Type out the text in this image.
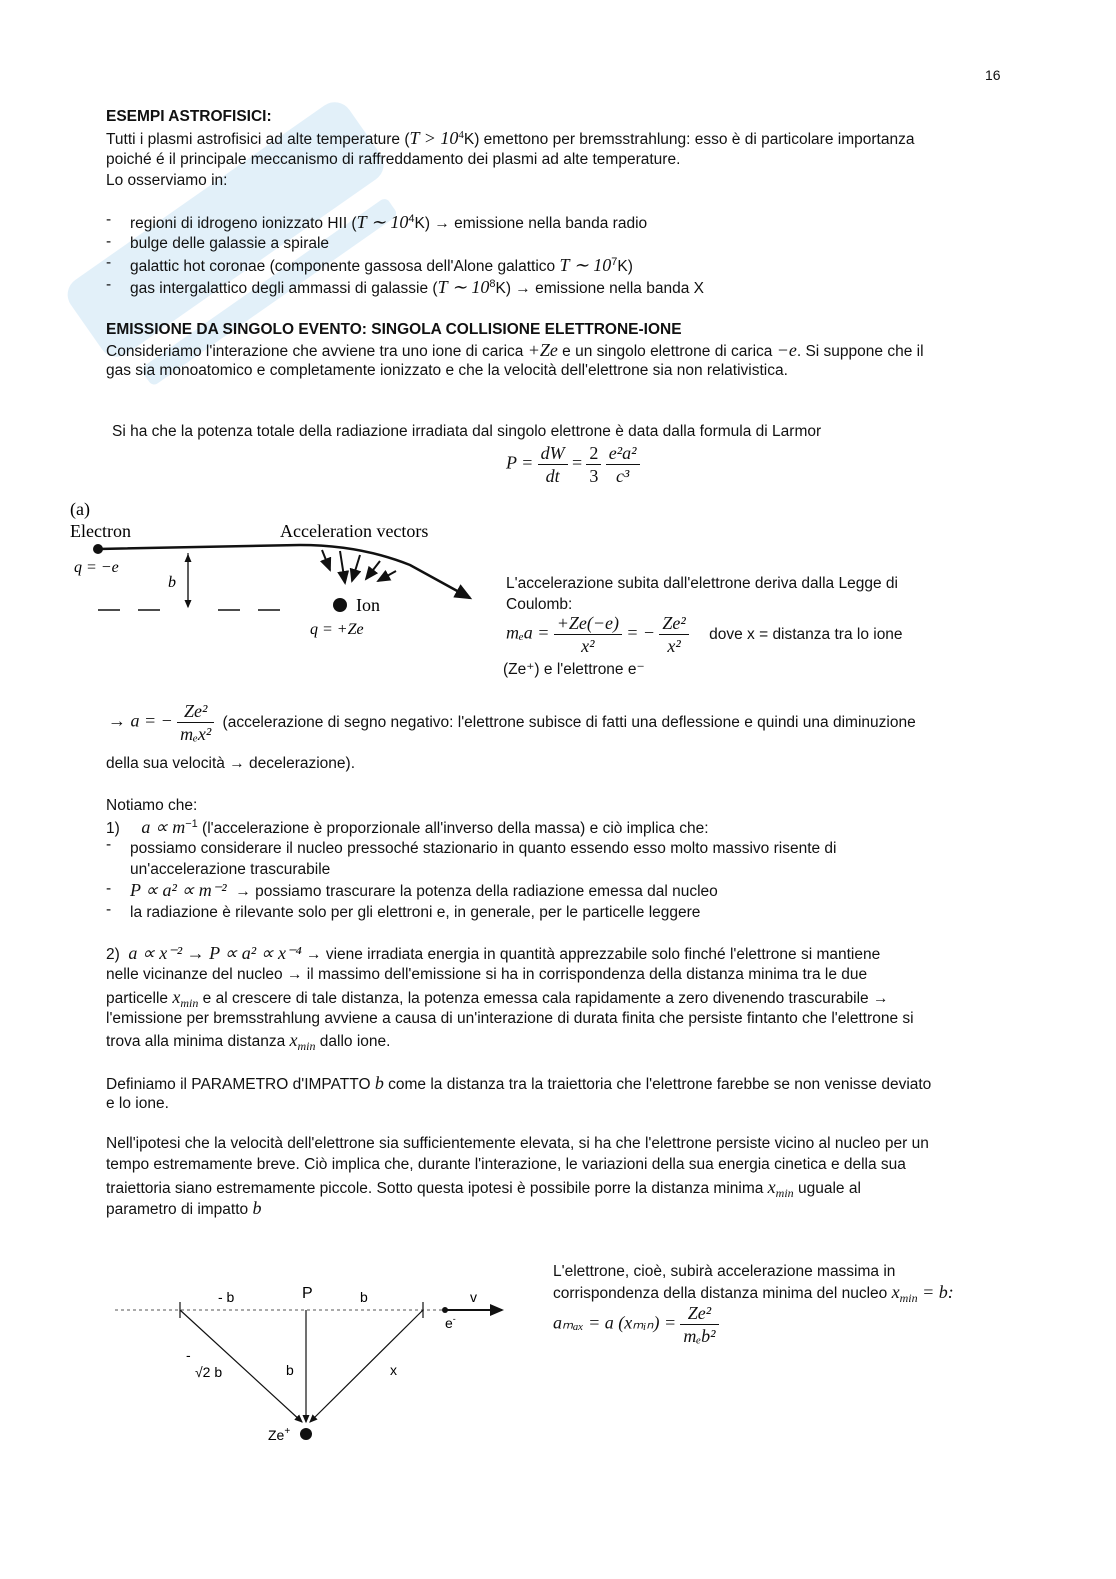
16
ESEMPI ASTROFISICI:
Tutti i plasmi astrofisici ad alte temperature $(T > 10^4K)$ emettono per bremsstrahlung: esso è di particolare importanza
poiché é il principale meccanismo di raffreddamento dei plasmi ad alte temperature.
Lo osserviamo in:
- regioni di idrogeno ionizzato HII (T ∼ $10^4K$) → emissione nella banda radio
- bulge delle galassie a spirale
- galattic hot coronae (componente gassosa dell'Alone galattico T ∼ $10^7K$)
- gas intergalattico degli ammassi di galassie (T ∼ $10^8K$) → emissione nella banda X
EMISSIONE DA SINGOLO EVENTO: SINGOLA COLLISIONE ELETTRONE-IONE
Consideriamo l'interazione che avviene tra uno ione di carica +Ze e un singolo elettrone di carica −e. Si suppone che il
gas sia monoatomico e completamente ionizzato e che la velocità dell'elettrone sia non relativistica.
Si ha che la potenza totale della radiazione irradiata dal singolo elettrone è data dalla formula di Larmor
$P = \frac{dW}{dt} = \frac{2}{3}$
$\frac{\text{e²a²}}{\text{c³}}$
(a)
Electron
q = −e
Acceleration vectors
b
Ion
q = +Ze
L'accelerazione subita dall'elettrone deriva dalla Legge di
Coulomb:
$m_ea = \frac{+Ze(-e)}{\text{x²}}$ = − $\frac{\text{Ze²}}{\text{x²}}$ dove x = distanza tra lo ione
(Ze⁺) e l'elettrone e⁻
→ a = − $\frac{\text{Ze²}}{\text{mₑx²}}$ (accelerazione di segno negativo: l'elettrone subisce di fatti una deflessione e quindi una diminuzione
della sua velocità → decelerazione).
Notiamo che:
1) $a \propto m^{-1}$ (l'accelerazione è proporzionale all'inverso della massa) e ciò implica che:
- possiamo considerare il nucleo pressoché stazionario in quanto essendo esso molto massivo risente di
un'accelerazione trascurabile
- P ∝ a² ∝ m⁻² → possiamo trascurare la potenza della radiazione emessa dal nucleo
- la radiazione è rilevante solo per gli elettroni e, in generale, per le particelle leggere
2) a ∝ x⁻² → P ∝ a² ∝ x⁻⁴ → viene irradiata energia in quantità apprezzabile solo finché l'elettrone si mantiene
nelle vicinanze del nucleo → il massimo dell'emissione si ha in corrispondenza della distanza minima tra le due
particelle $x_{min}$ e al crescere di tale distanza, la potenza emessa cala rapidamente a zero divenendo trascurabile →
l'emissione per bremsstrahlung avviene a causa di un'interazione di durata finita che persiste fintanto che l'elettrone si
trova alla minima distanza $x_{min}$ dallo ione.
Definiamo il PARAMETRO d'IMPATTO b come la distanza tra la traiettoria che l'elettrone farebbe se non venisse deviato
e lo ione.
Nell'ipotesi che la velocità dell'elettrone sia sufficientemente elevata, si ha che l'elettrone persiste vicino al nucleo per un
tempo estremamente breve. Ciò implica che, durante l'interazione, le variazioni della sua energia cinetica e della sua
traiettoria siano estremamente piccole. Sotto questa ipotesi è possibile porre la distanza minima $x_{min}$ uguale al
parametro di impatto b
- b	P	b	v
e-
-
√2 b	b	x
Ze+
L'elettrone, cioè, subirà accelerazione massima in
corrispondenza della distanza minima del nucleo $x_{min} = b$:
aₘₐₓ = a (xₘᵢₙ) = $\frac{\text{Ze²}}{\text{mₑb²}}$
